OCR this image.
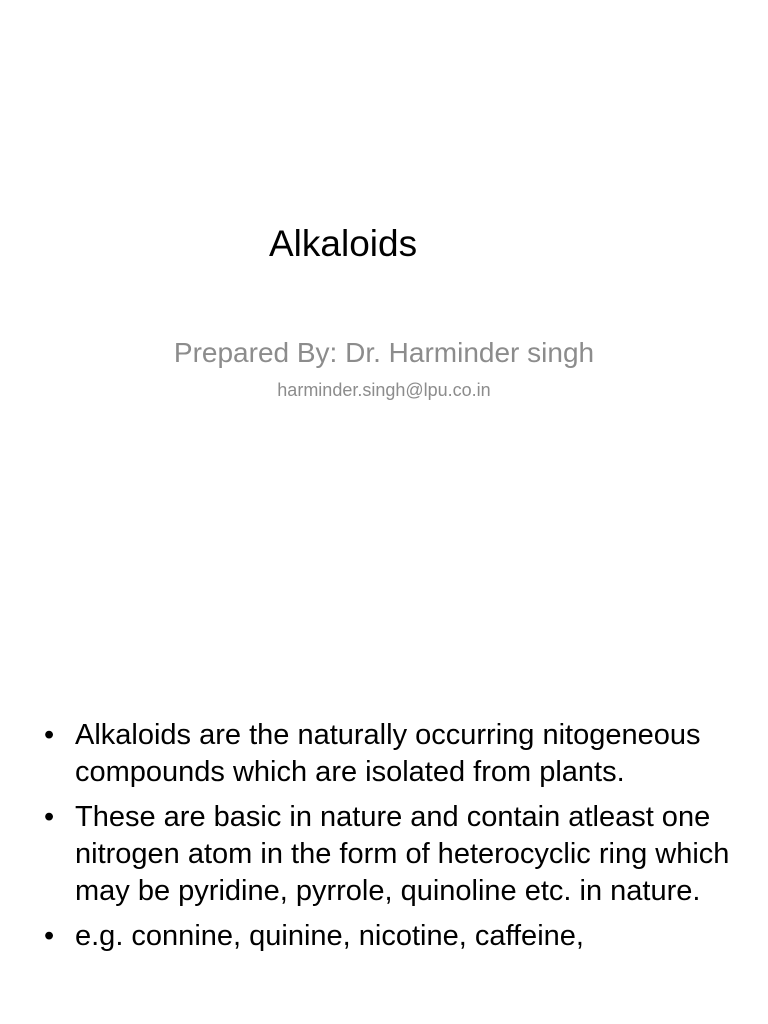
Alkaloids
Prepared By: Dr. Harminder singh
harminder.singh@lpu.co.in
• Alkaloids are the naturally occurring nitogeneous compounds which are isolated from plants.
• These are basic in nature and contain atleast one nitrogen atom in the form of heterocyclic ring which may be pyridine, pyrrole, quinoline etc. in nature.
• e.g. connine, quinine, nicotine, caffeine,
